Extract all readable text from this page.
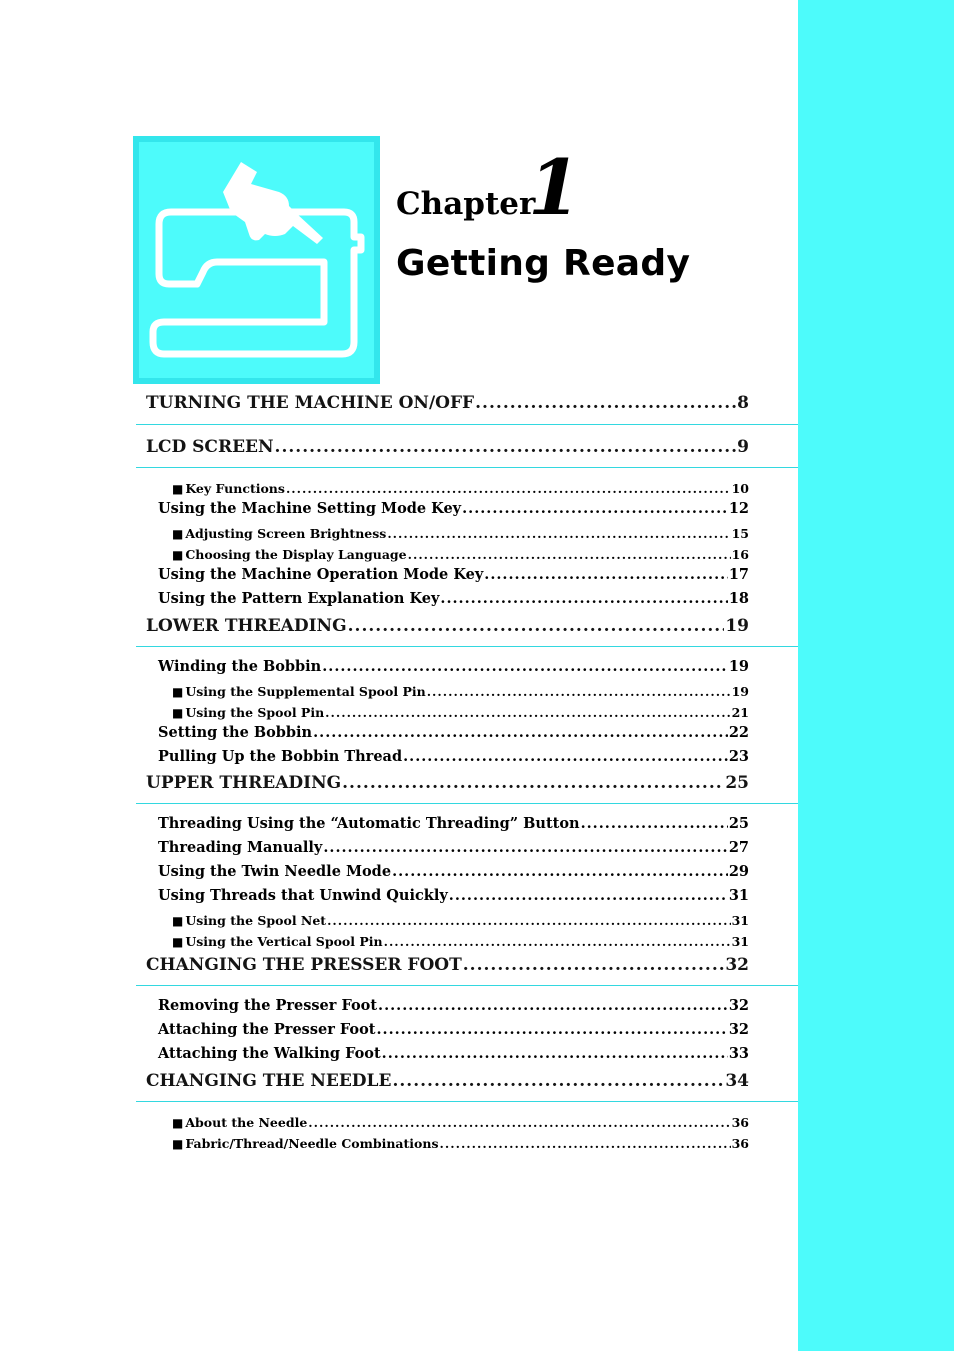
Chapter
1
Getting Ready
TURNING THE MACHINE ON/OFF .....	8
LCD SCREEN .....	9
■ Key Functions .....	10
Using the Machine Setting Mode Key .....	12
■ Adjusting Screen Brightness .....	15
■ Choosing the Display Language .....	16
Using the Machine Operation Mode Key .....	17
Using the Pattern Explanation Key .....	18
LOWER THREADING .....	19
Winding the Bobbin .....	19
■ Using the Supplemental Spool Pin .....	19
■ Using the Spool Pin .....	21
Setting the Bobbin .....	22
Pulling Up the Bobbin Thread .....	23
UPPER THREADING .....	25
Threading Using the “Automatic Threading” Button .....	25
Threading Manually .....	27
Using the Twin Needle Mode .....	29
Using Threads that Unwind Quickly .....	31
■ Using the Spool Net .....	31
■ Using the Vertical Spool Pin .....	31
CHANGING THE PRESSER FOOT .....	32
Removing the Presser Foot .....	32
Attaching the Presser Foot .....	32
Attaching the Walking Foot .....	33
CHANGING THE NEEDLE .....	34
■ About the Needle .....	36
■ Fabric/Thread/Needle Combinations .....	36
